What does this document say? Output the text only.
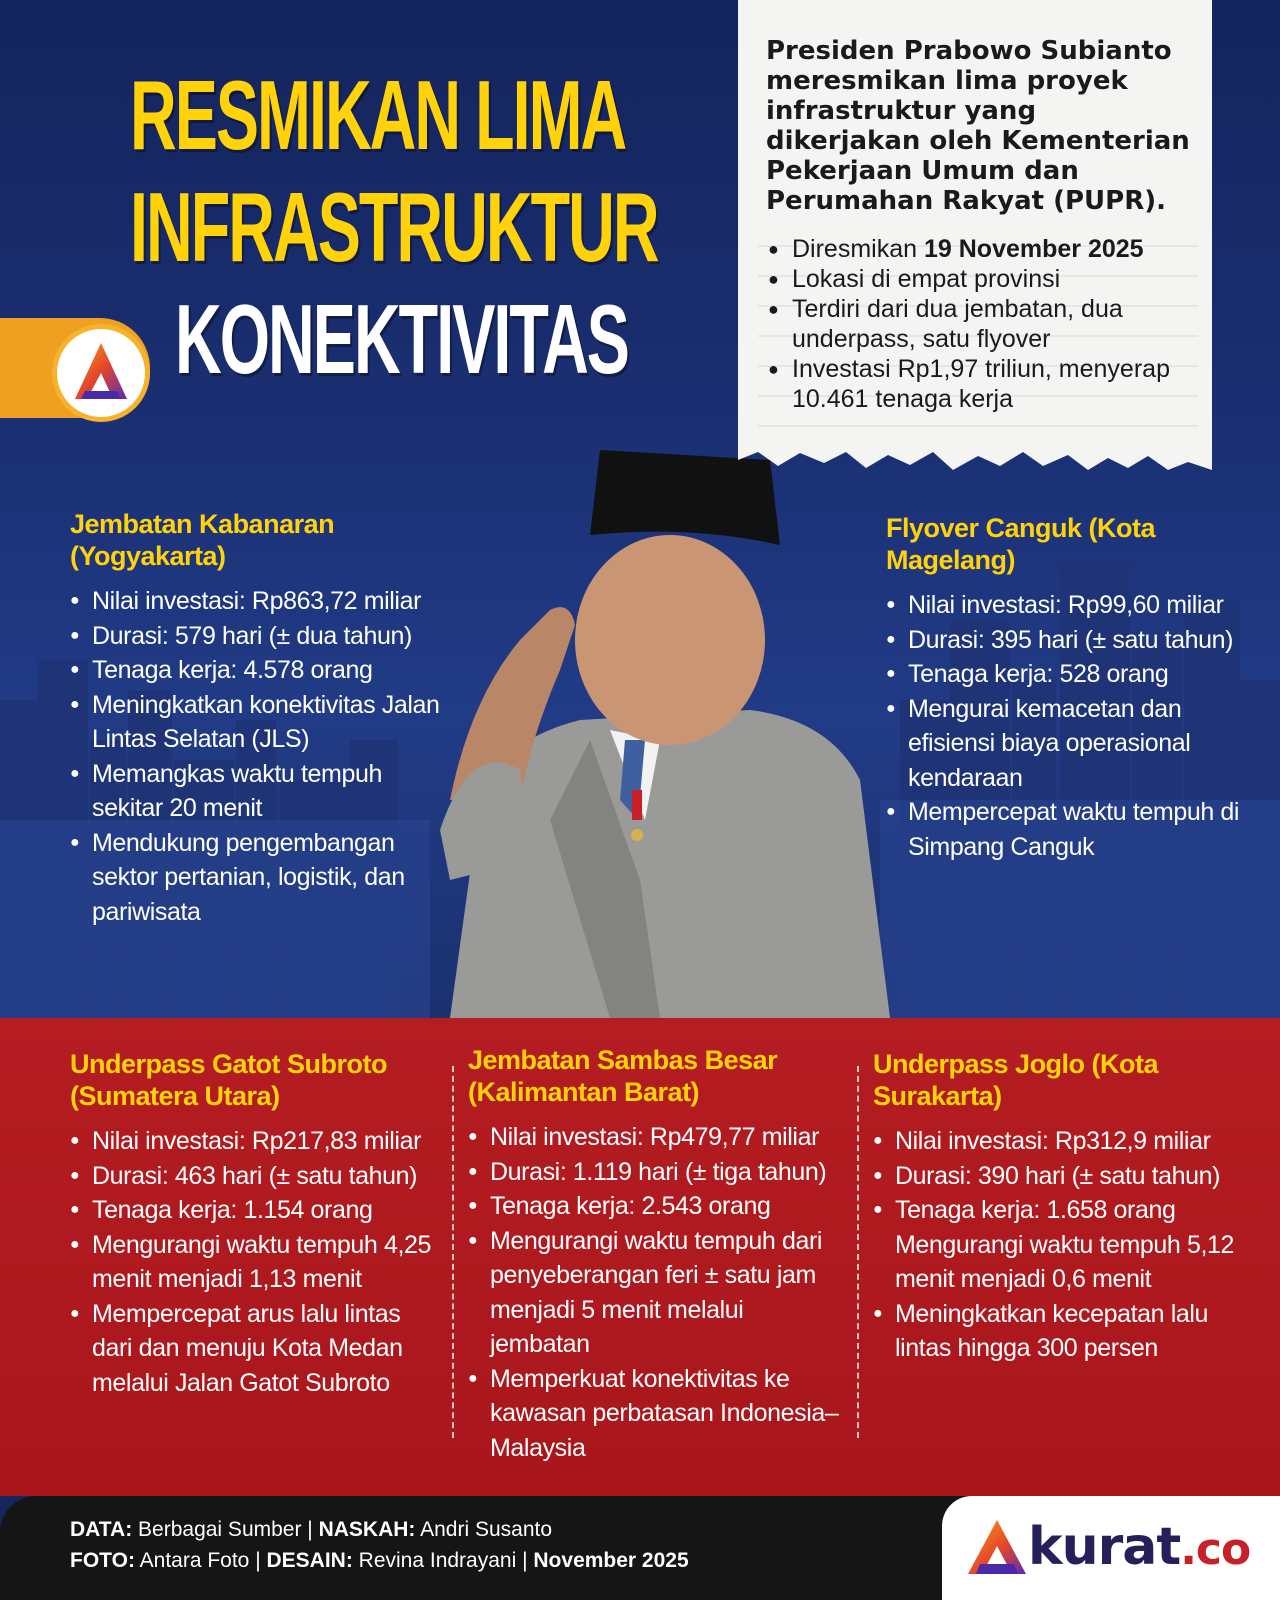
RESMIKAN LIMA
INFRASTRUKTUR
KONEKTIVITAS

Presiden Prabowo Subianto meresmikan lima proyek infrastruktur yang dikerjakan oleh Kementerian Pekerjaan Umum dan Perumahan Rakyat (PUPR).

● Diresmikan 19 November 2025
● Lokasi di empat provinsi
● Terdiri dari dua jembatan, dua underpass, satu flyover
● Investasi Rp1,97 triliun, menyerap 10.461 tenaga kerja
Jembatan Kabanaran (Yogyakarta)
● Nilai investasi: Rp863,72 miliar
● Durasi: 579 hari (± dua tahun)
● Tenaga kerja: 4.578 orang
● Meningkatkan konektivitas Jalan Lintas Selatan (JLS)
● Memangkas waktu tempuh sekitar 20 menit
● Mendukung pengembangan sektor pertanian, logistik, dan pariwisata
Flyover Canguk (Kota Magelang)
● Nilai investasi: Rp99,60 miliar
● Durasi: 395 hari (± satu tahun)
● Tenaga kerja: 528 orang
● Mengurai kemacetan dan efisiensi biaya operasional kendaraan
● Mempercepat waktu tempuh di Simpang Canguk
Underpass Gatot Subroto (Sumatera Utara)
● Nilai investasi: Rp217,83 miliar
● Durasi: 463 hari (± satu tahun)
● Tenaga kerja: 1.154 orang
● Mengurangi waktu tempuh 4,25 menit menjadi 1,13 menit
● Mempercepat arus lalu lintas dari dan menuju Kota Medan melalui Jalan Gatot Subroto
Jembatan Sambas Besar (Kalimantan Barat)
● Nilai investasi: Rp479,77 miliar
● Durasi: 1.119 hari (± tiga tahun)
● Tenaga kerja: 2.543 orang
● Mengurangi waktu tempuh dari penyeberangan feri ± satu jam menjadi 5 menit melalui jembatan
● Memperkuat konektivitas ke kawasan perbatasan Indonesia–Malaysia
Underpass Joglo (Kota Surakarta)
● Nilai investasi: Rp312,9 miliar
● Durasi: 390 hari (± satu tahun)
● Tenaga kerja: 1.658 orang Mengurangi waktu tempuh 5,12 menit menjadi 0,6 menit
● Meningkatkan kecepatan lalu lintas hingga 300 persen
DATA: Berbagai Sumber | NASKAH: Andri Susanto
FOTO: Antara Foto | DESAIN: Revina Indrayani | November 2025	kurat.co
